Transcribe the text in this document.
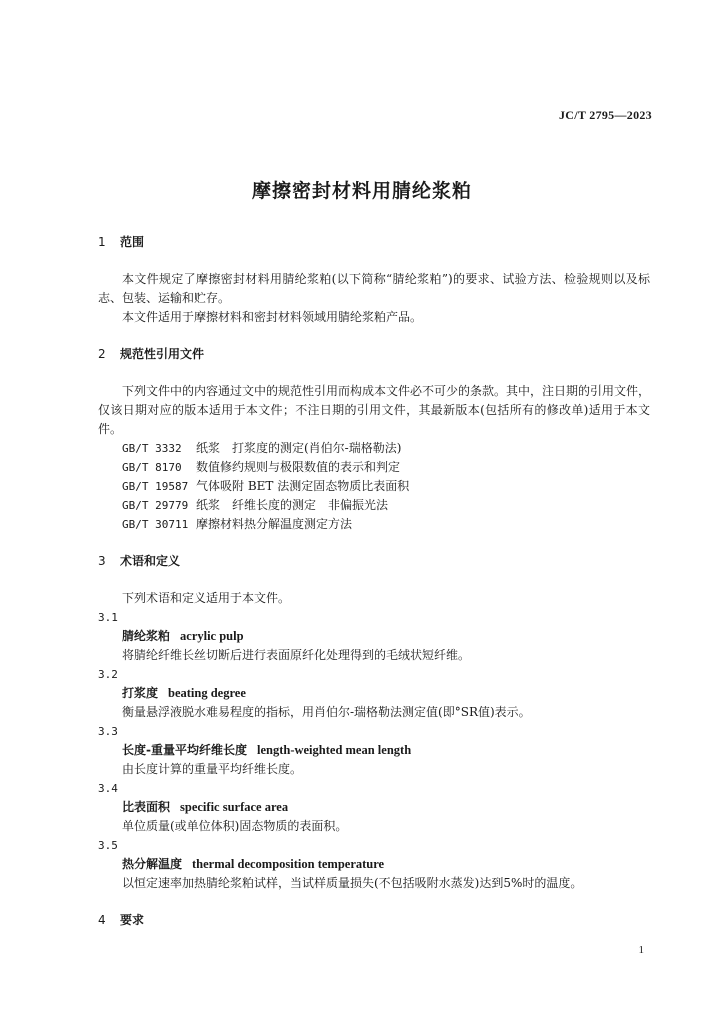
JC/T 2795—2023
摩擦密封材料用腈纶浆粕
1 范围

本文件规定了摩擦密封材料用腈纶浆粕(以下简称“腈纶浆粕”)的要求、试验方法、检验规则以及标志、包装、运输和贮存。

本文件适用于摩擦材料和密封材料领域用腈纶浆粕产品。

2 规范性引用文件

下列文件中的内容通过文中的规范性引用而构成本文件必不可少的条款。其中，注日期的引用文件，仅该日期对应的版本适用于本文件；不注日期的引用文件，其最新版本(包括所有的修改单)适用于本文件。

GB/T 3332 纸浆　打浆度的测定(肖伯尔-瑞格勒法)

GB/T 8170 数值修约规则与极限数值的表示和判定

GB/T 19587 气体吸附 BET 法测定固态物质比表面积

GB/T 29779 纸浆　纤维长度的测定　非偏振光法

GB/T 30711 摩擦材料热分解温度测定方法

3 术语和定义

下列术语和定义适用于本文件。

3.1

腈纶浆粕 acrylic pulp

将腈纶纤维长丝切断后进行表面原纤化处理得到的毛绒状短纤维。

3.2

打浆度 beating degree

衡量悬浮液脱水难易程度的指标，用肖伯尔-瑞格勒法测定值(即°SR值)表示。

3.3

长度-重量平均纤维长度 length-weighted mean length

由长度计算的重量平均纤维长度。

3.4

比表面积 specific surface area

单位质量(或单位体积)固态物质的表面积。

3.5

热分解温度 thermal decomposition temperature

以恒定速率加热腈纶浆粕试样，当试样质量损失(不包括吸附水蒸发)达到5%时的温度。

4 要求
1
